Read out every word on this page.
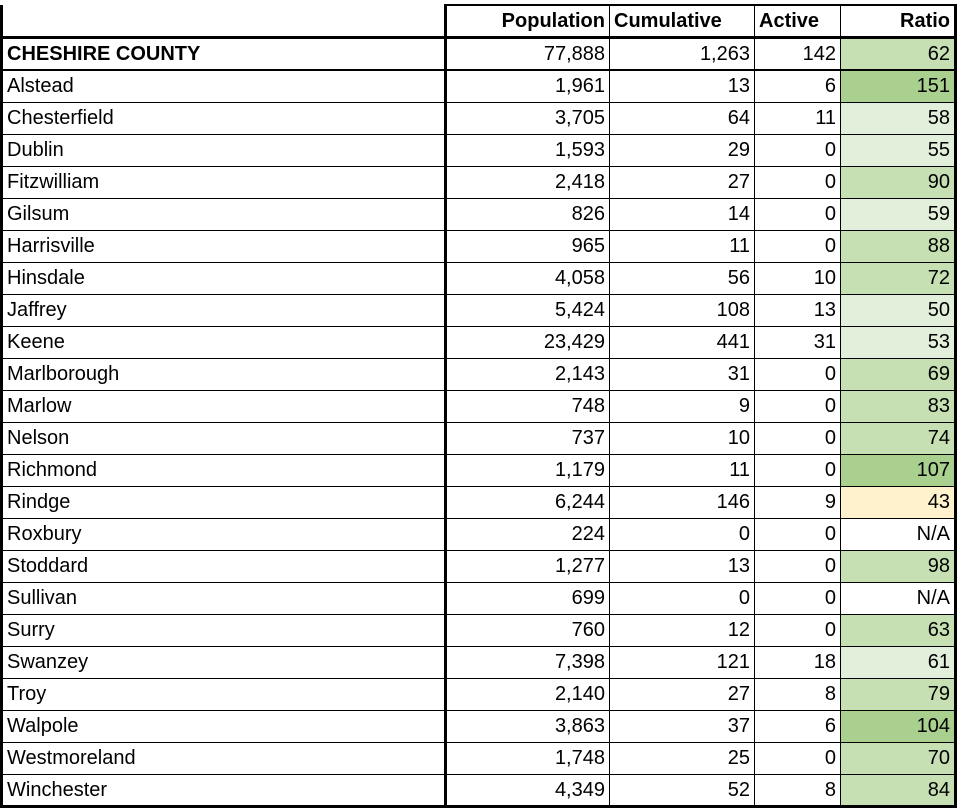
	Population	Cumulative	Active	Ratio
CHESHIRE COUNTY	77,888	1,263	142	62
Alstead	1,961	13	6	151
Chesterfield	3,705	64	11	58
Dublin	1,593	29	0	55
Fitzwilliam	2,418	27	0	90
Gilsum	826	14	0	59
Harrisville	965	11	0	88
Hinsdale	4,058	56	10	72
Jaffrey	5,424	108	13	50
Keene	23,429	441	31	53
Marlborough	2,143	31	0	69
Marlow	748	9	0	83
Nelson	737	10	0	74
Richmond	1,179	11	0	107
Rindge	6,244	146	9	43
Roxbury	224	0	0	N/A
Stoddard	1,277	13	0	98
Sullivan	699	0	0	N/A
Surry	760	12	0	63
Swanzey	7,398	121	18	61
Troy	2,140	27	8	79
Walpole	3,863	37	6	104
Westmoreland	1,748	25	0	70
Winchester	4,349	52	8	84
